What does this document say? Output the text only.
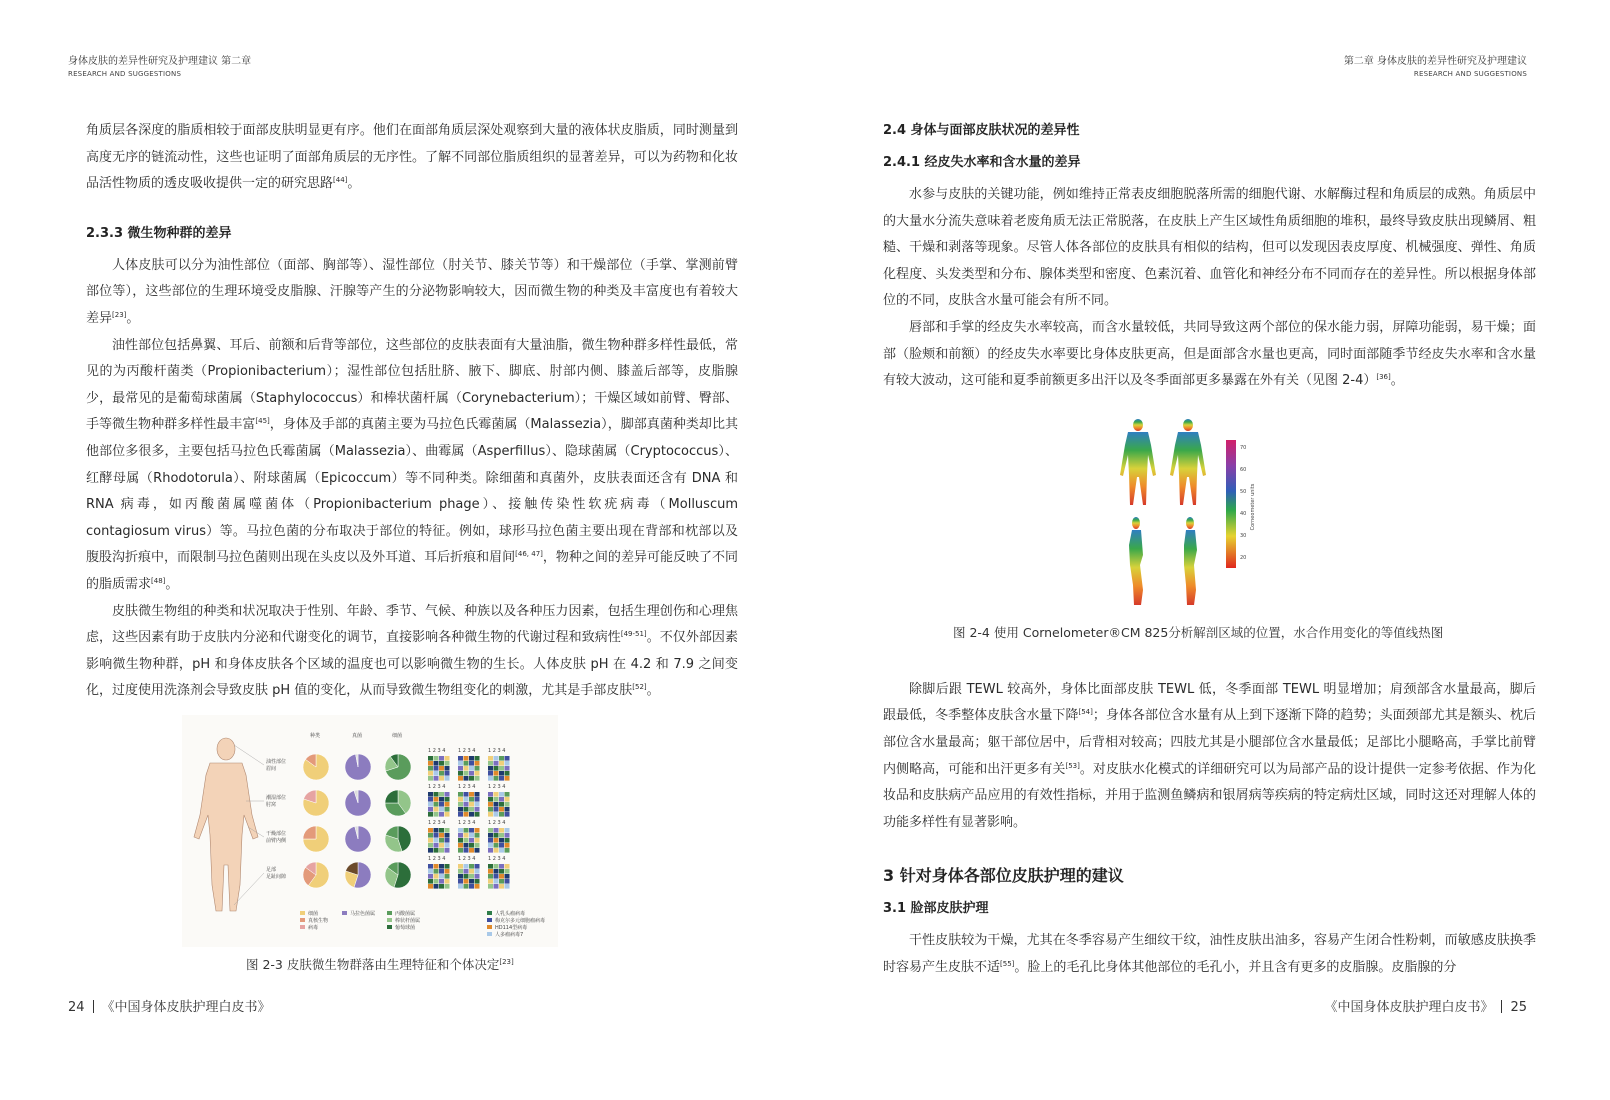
身体皮肤的差异性研究及护理建议 第二章
RESEARCH AND SUGGESTIONS

角质层各深度的脂质相较于面部皮肤明显更有序。他们在面部角质层深处观察到大量的液体状皮脂质，同时测量到高度无序的链流动性，这些也证明了面部角质层的无序性。了解不同部位脂质组织的显著差异，可以为药物和化妆品活性物质的透皮吸收提供一定的研究思路[44]。

2.3.3 微生物种群的差异

人体皮肤可以分为油性部位（面部、胸部等）、湿性部位（肘关节、膝关节等）和干燥部位（手掌、掌测前臂部位等），这些部位的生理环境受皮脂腺、汗腺等产生的分泌物影响较大，因而微生物的种类及丰富度也有着较大差异[23]。

油性部位包括鼻翼、耳后、前额和后背等部位，这些部位的皮肤表面有大量油脂，微生物种群多样性最低，常见的为丙酸杆菌类（Propionibacterium）；湿性部位包括肚脐、腋下、脚底、肘部内侧、膝盖后部等，皮脂腺少，最常见的是葡萄球菌属（Staphylococcus）和棒状菌杆属（Corynebacterium）；干燥区域如前臂、臀部、手等微生物种群多样性最丰富[45]，身体及手部的真菌主要为马拉色氏霉菌属（Malassezia），脚部真菌种类却比其他部位多很多，主要包括马拉色氏霉菌属（Malassezia）、曲霉属（Asperfillus）、隐球菌属（Cryptococcus）、红酵母属（Rhodotorula）、附球菌属（Epicoccum）等不同种类。除细菌和真菌外，皮肤表面还含有 DNA 和 RNA 病毒，如丙酸菌属噬菌体（Propionibacterium phage）、接触传染性软疣病毒（Molluscum contagiosum virus）等。马拉色菌的分布取决于部位的特征。例如，球形马拉色菌主要出现在背部和枕部以及腹股沟折痕中，而限制马拉色菌则出现在头皮以及外耳道、耳后折痕和眉间[46, 47]，物种之间的差异可能反映了不同的脂质需求[48]。

皮肤微生物组的种类和状况取决于性别、年龄、季节、气候、种族以及各种压力因素，包括生理创伤和心理焦虑，这些因素有助于皮肤内分泌和代谢变化的调节，直接影响各种微生物的代谢过程和致病性[49-51]。不仅外部因素影响微生物种群，pH 和身体皮肤各个区域的温度也可以影响微生物的生长。人体皮肤 pH 在 4.2 和 7.9 之间变化，过度使用洗涤剂会导致皮肤 pH 值的变化，从而导致微生物组变化的刺激，尤其是手部皮肤[52]。

油性部位
眉间
潮湿部位
肘窝
干燥部位
前臂内侧
足部
足趾间隙
种类	真菌	细菌
1 2 3 4	1 2 3 4	1 2 3 4
1 2 3 4	1 2 3 4	1 2 3 4
1 2 3 4	1 2 3 4	1 2 3 4
1 2 3 4	1 2 3 4	1 2 3 4
细菌
真核生物
病毒
马拉色菌属	丙酸菌属
棒状杆菌属
葡萄球菌
人乳头瘤病毒
梅克尔多元细胞瘤病毒
HD114型病毒
人多瘤病毒7
图 2-3 皮肤微生物群落由生理特征和个体决定[23]
24 《中国身体皮肤护理白皮书》
第二章 身体皮肤的差异性研究及护理建议
RESEARCH AND SUGGESTIONS
2.4 身体与面部皮肤状况的差异性
2.4.1 经皮失水率和含水量的差异

水参与皮肤的关键功能，例如维持正常表皮细胞脱落所需的细胞代谢、水解酶过程和角质层的成熟。角质层中的大量水分流失意味着老废角质无法正常脱落，在皮肤上产生区域性角质细胞的堆积，最终导致皮肤出现鳞屑、粗糙、干燥和剥落等现象。尽管人体各部位的皮肤具有相似的结构，但可以发现因表皮厚度、机械强度、弹性、角质化程度、头发类型和分布、腺体类型和密度、色素沉着、血管化和神经分布不同而存在的差异性。所以根据身体部位的不同，皮肤含水量可能会有所不同。

唇部和手掌的经皮失水率较高，而含水量较低，共同导致这两个部位的保水能力弱，屏障功能弱，易干燥；面部（脸颊和前额）的经皮失水率要比身体皮肤更高，但是面部含水量也更高，同时面部随季节经皮失水率和含水量有较大波动，这可能和夏季前额更多出汗以及冬季面部更多暴露在外有关（见图 2-4）[36]。

70
60
50
40
30
20
Corneometer units
图 2-4 使用 Cornelometer®CM 825分析解剖区域的位置，水合作用变化的等值线热图

除脚后跟 TEWL 较高外，身体比面部皮肤 TEWL 低，冬季面部 TEWL 明显增加；肩颈部含水量最高，脚后跟最低，冬季整体皮肤含水量下降[54]；身体各部位含水量有从上到下逐渐下降的趋势；头面颈部尤其是额头、枕后部位含水量最高；躯干部位居中，后背相对较高；四肢尤其是小腿部位含水量最低；足部比小腿略高，手掌比前臂内侧略高，可能和出汗更多有关[53]。对皮肤水化模式的详细研究可以为局部产品的设计提供一定参考依据、作为化妆品和皮肤病产品应用的有效性指标，并用于监测鱼鳞病和银屑病等疾病的特定病灶区域，同时这还对理解人体的功能多样性有显著影响。

3 针对身体各部位皮肤护理的建议
3.1 脸部皮肤护理

干性皮肤较为干燥，尤其在冬季容易产生细纹干纹，油性皮肤出油多，容易产生闭合性粉刺，而敏感皮肤换季时容易产生皮肤不适[55]。脸上的毛孔比身体其他部位的毛孔小，并且含有更多的皮脂腺。皮脂腺的分

《中国身体皮肤护理白皮书》 25
